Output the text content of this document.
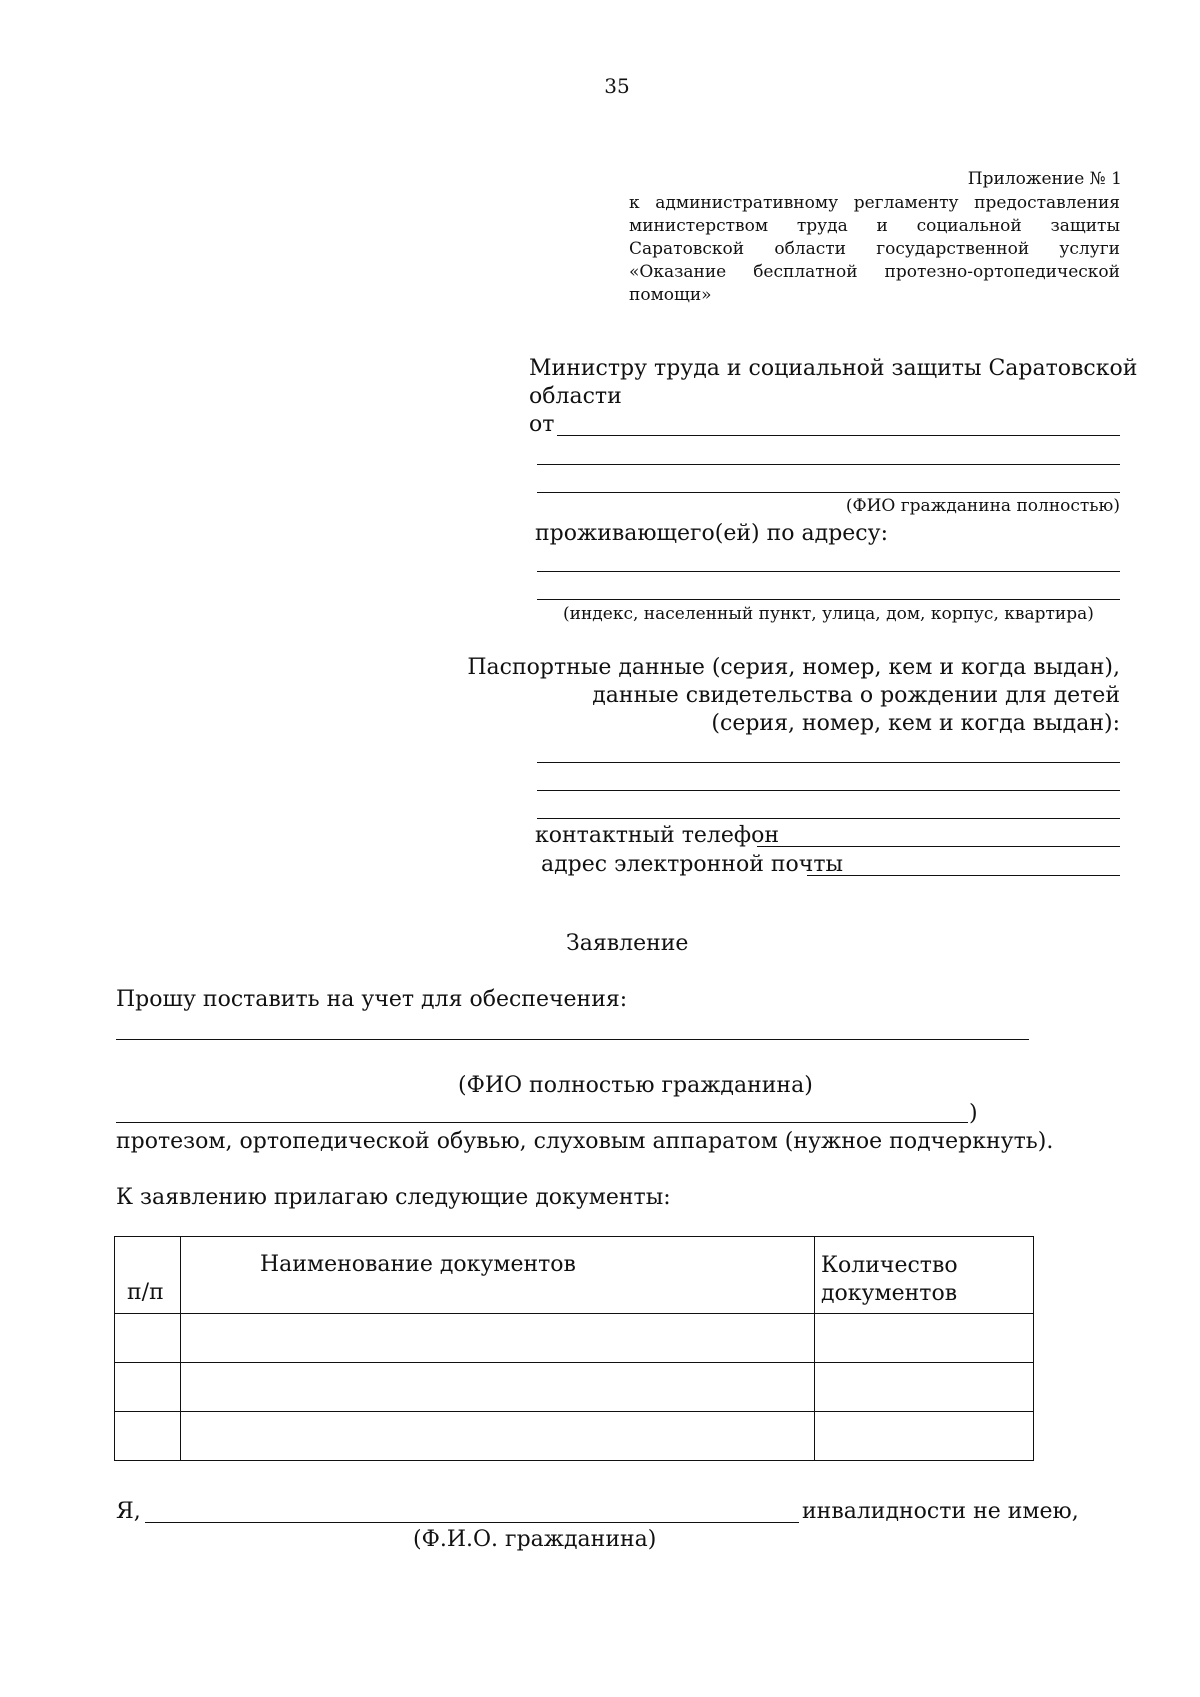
35
Приложение № 1
к административному регламенту предоставления
министерством труда и социальной защиты
Саратовской области государственной услуги
«Оказание бесплатной протезно-ортопедической
помощи»
Министру труда и социальной защиты Саратовской
области
от
(ФИО гражданина полностью)
проживающего(ей) по адресу:
(индекс, населенный пункт, улица, дом, корпус, квартира)
Паспортные данные (серия, номер, кем и когда выдан),
данные свидетельства о рождении для детей
(серия, номер, кем и когда выдан):
контактный телефон
адрес электронной почты
Заявление
Прошу поставить на учет для обеспечения:
(ФИО полностью гражданина)
)
протезом, ортопедической обувью, слуховым аппаратом (нужное подчеркнуть).
К заявлению прилагаю следующие документы:
п/п	Наименование документов	Количество
документов

Я,	инвалидности не имею,
(Ф.И.О. гражданина)
